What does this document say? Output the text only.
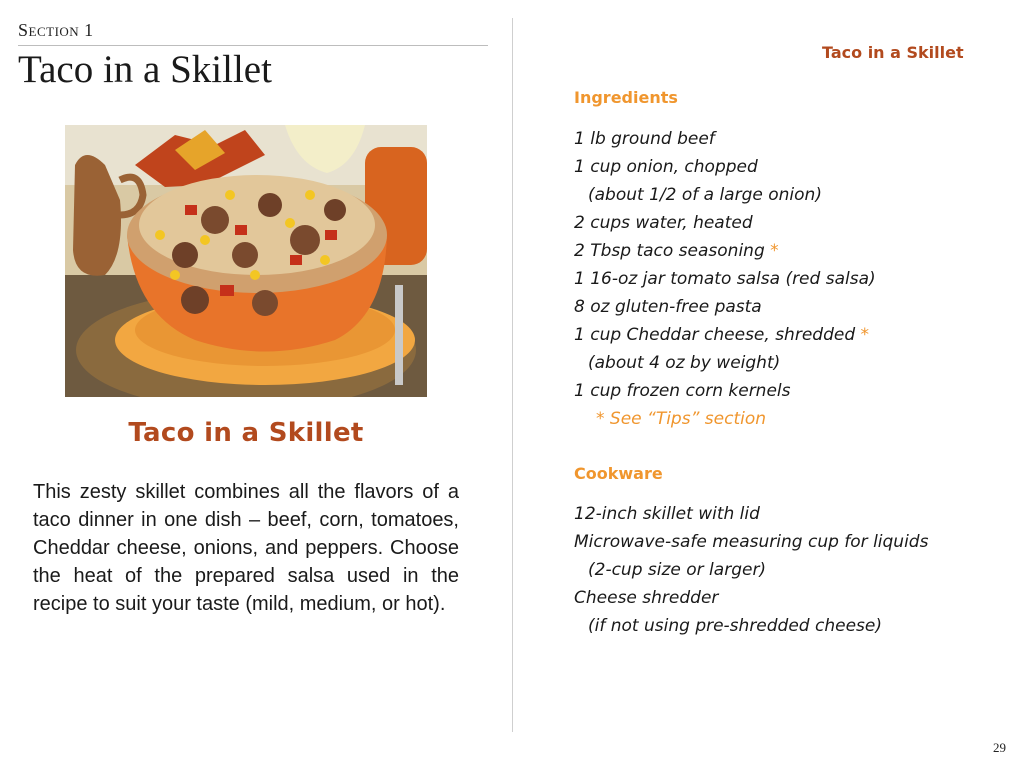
Section 1
Taco in a Skillet
Taco in a Skillet
This zesty skillet combines all the flavors of a taco dinner in one dish – beef, corn, tomatoes, Cheddar cheese, onions, and peppers. Choose the heat of the prepared salsa used in the recipe to suit your taste (mild, medium, or hot).
Taco in a Skillet
Ingredients
1 lb ground beef
1 cup onion, chopped
(about 1/2 of a large onion)
2 cups water, heated
2 Tbsp taco seasoning *
1 16-oz jar tomato salsa (red salsa)
8 oz gluten-free pasta
1 cup Cheddar cheese, shredded *
(about 4 oz by weight)
1 cup frozen corn kernels
* See “Tips” section
Cookware
12-inch skillet with lid
Microwave-safe measuring cup for liquids
(2-cup size or larger)
Cheese shredder
(if not using pre-shredded cheese)
29
